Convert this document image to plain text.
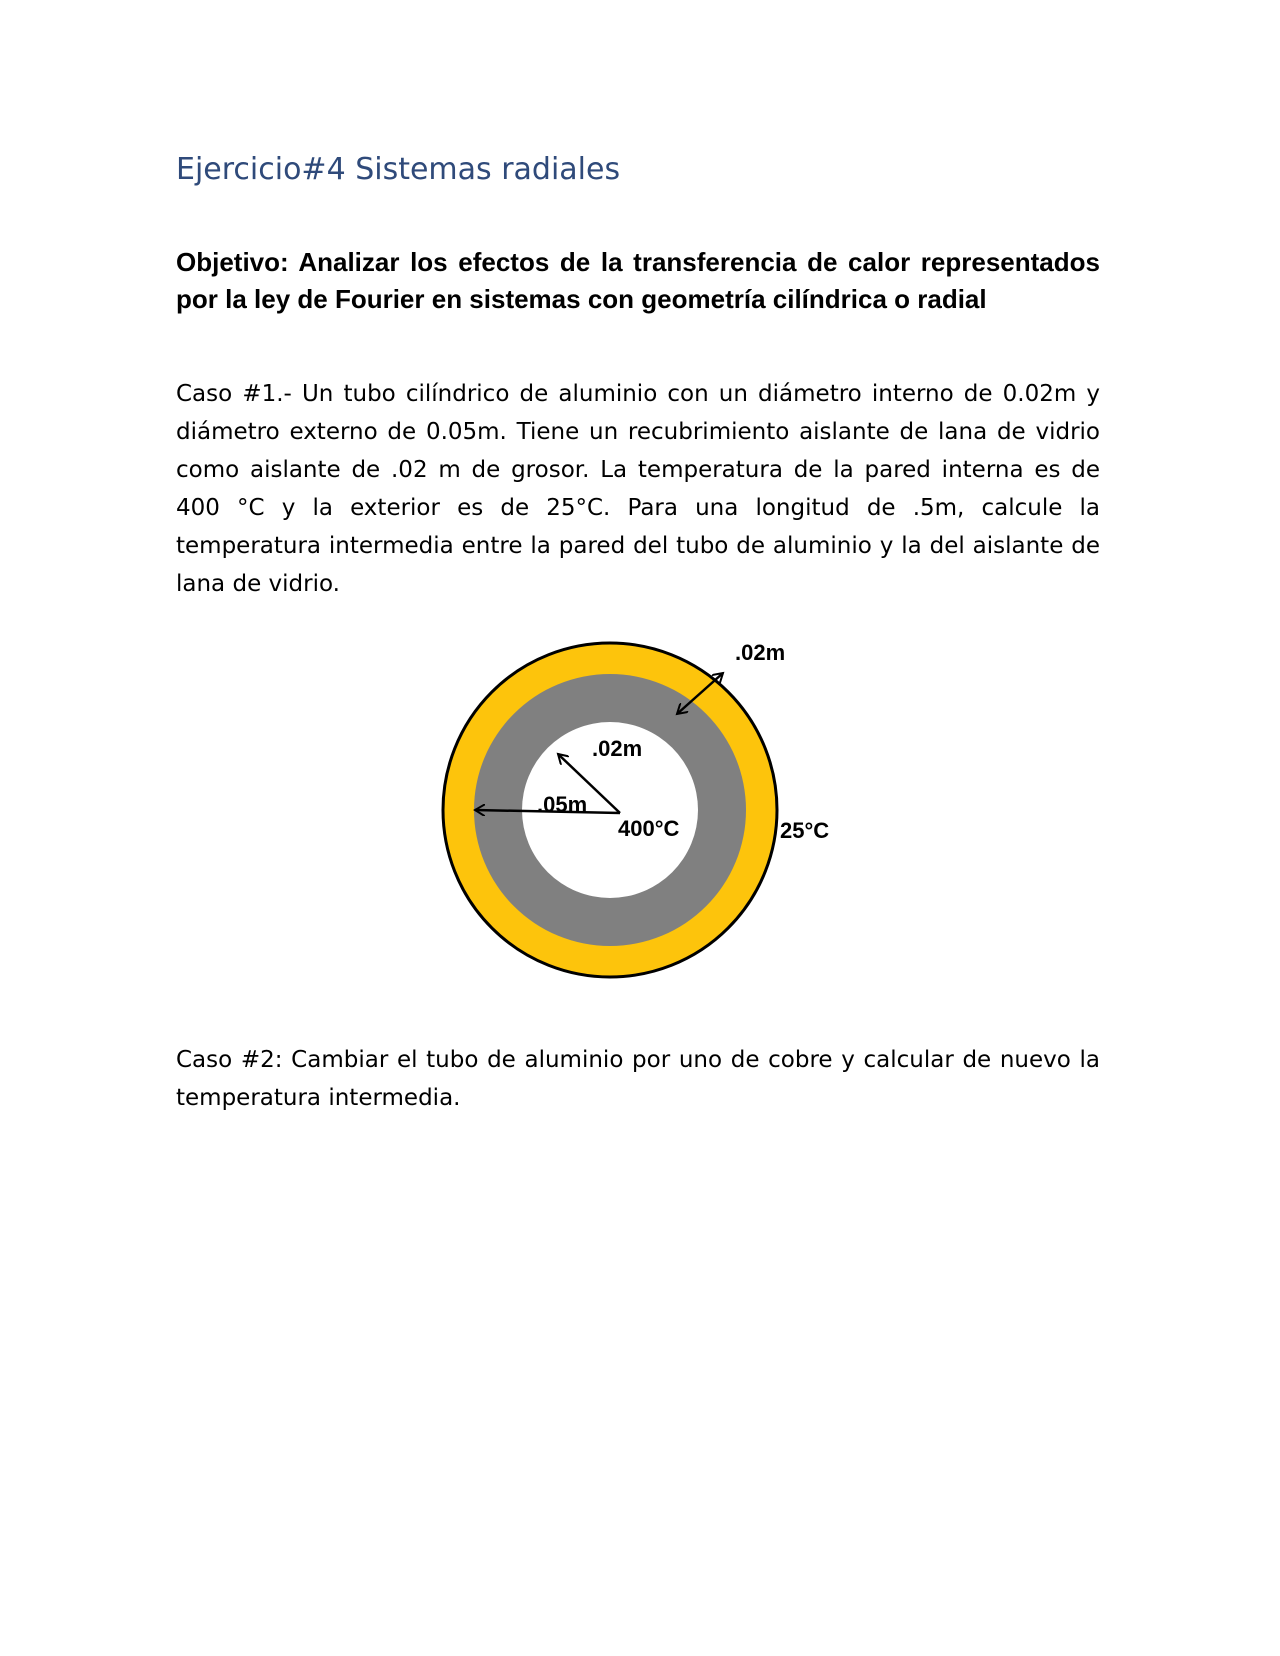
Ejercicio#4 Sistemas radiales

Objetivo: Analizar los efectos de la transferencia de calor representados por la ley de Fourier en sistemas con geometría cilíndrica o radial

Caso #1.- Un tubo cilíndrico de aluminio con un diámetro interno de 0.02m y diámetro externo de 0.05m. Tiene un recubrimiento aislante de lana de vidrio como aislante de .02 m de grosor. La temperatura de la pared interna es de 400 °C y la exterior es de 25°C. Para una longitud de .5m, calcule la temperatura intermedia entre la pared del tubo de aluminio y la del aislante de lana de vidrio.

.02m
.02m
.05m
400°C	25°C

Caso #2: Cambiar el tubo de aluminio por uno de cobre y calcular de nuevo la temperatura intermedia.
